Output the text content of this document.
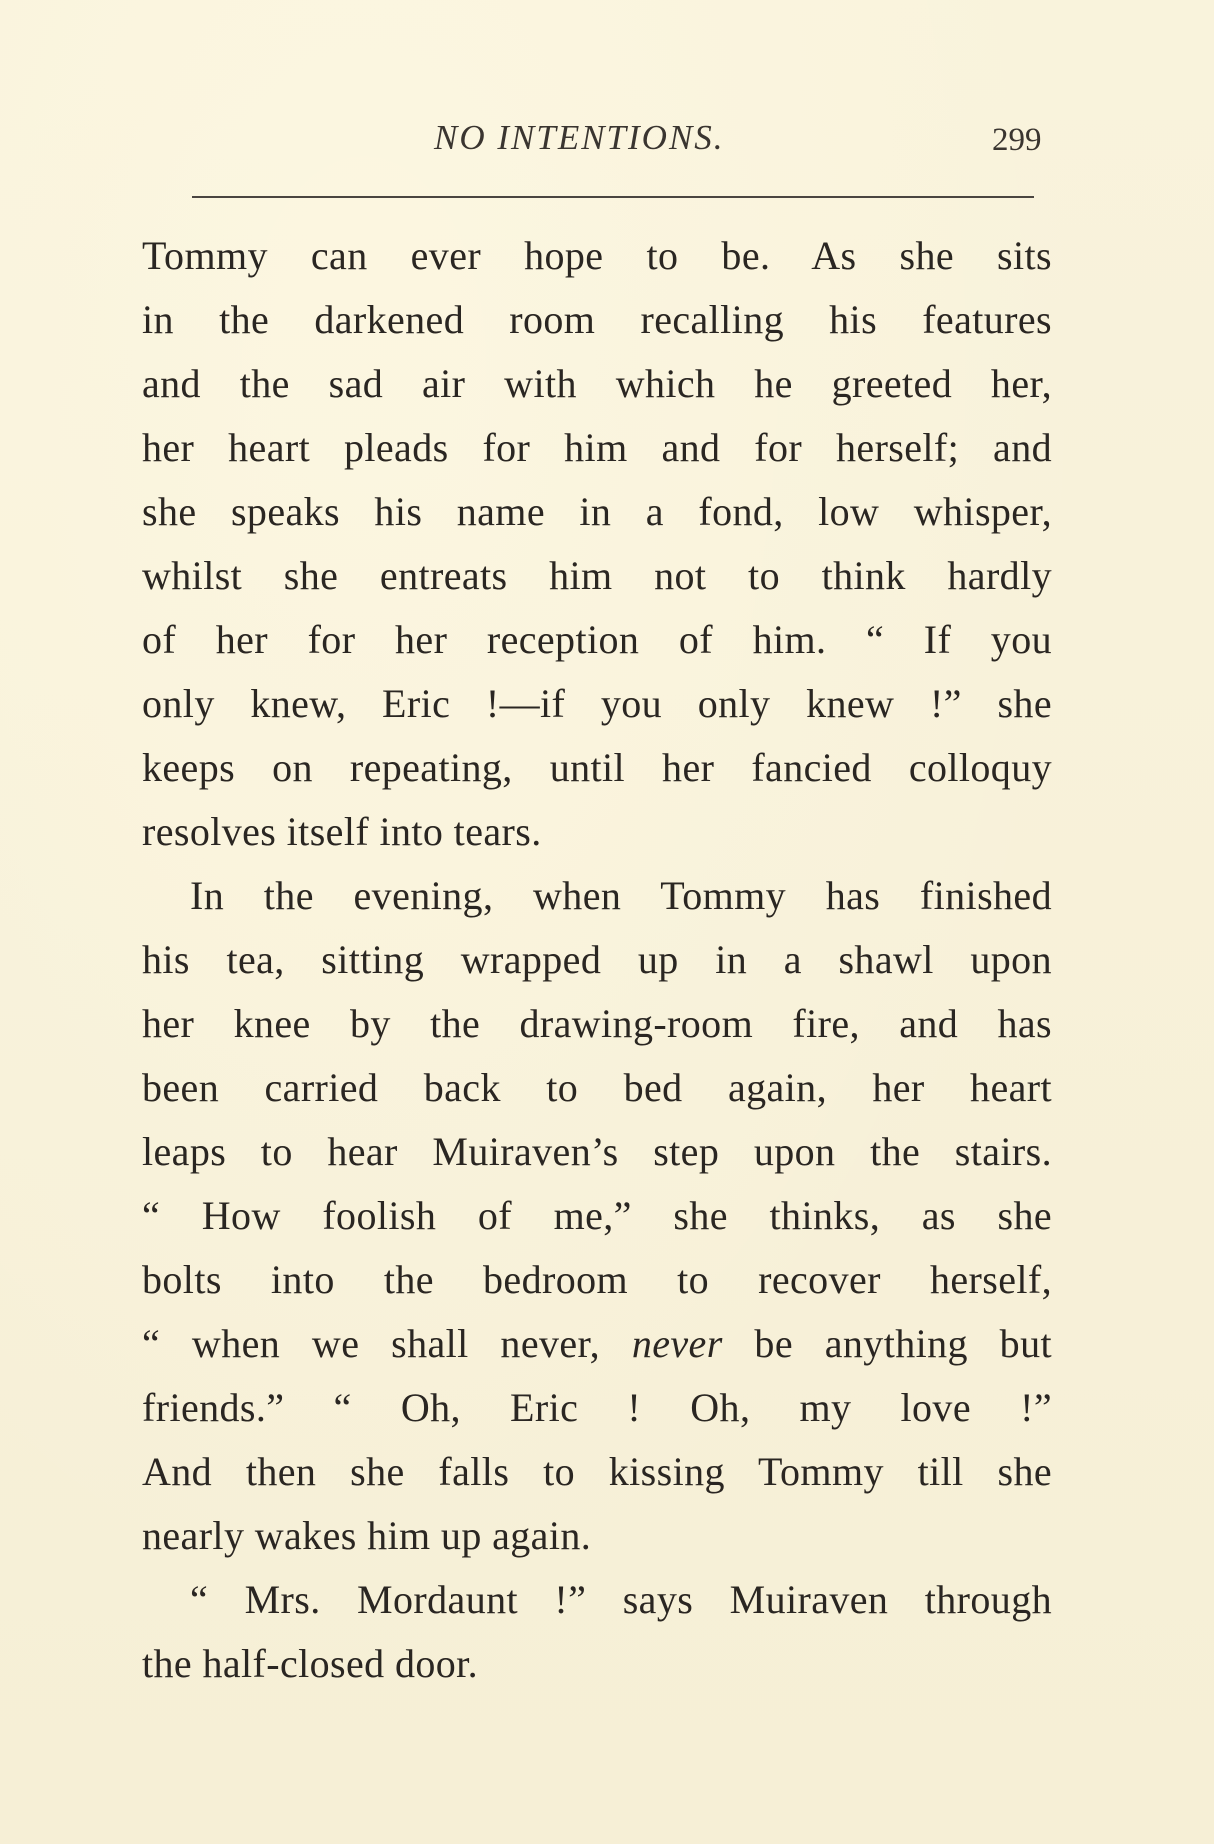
NO INTENTIONS.	299
Tommy can ever hope to be. As she sits
in the darkened room recalling his features
and the sad air with which he greeted her,
her heart pleads for him and for herself; and
she speaks his name in a fond, low whisper,
whilst she entreats him not to think hardly
of her for her reception of him. “ If you
only knew, Eric !—if you only knew !” she
keeps on repeating, until her fancied colloquy
resolves itself into tears.
In the evening, when Tommy has finished
his tea, sitting wrapped up in a shawl upon
her knee by the drawing-room fire, and has
been carried back to bed again, her heart
leaps to hear Muiraven’s step upon the stairs.
“ How foolish of me,” she thinks, as she
bolts into the bedroom to recover herself,
“ when we shall never, never be anything but
friends.” “ Oh, Eric ! Oh, my love !”
And then she falls to kissing Tommy till she
nearly wakes him up again.
“ Mrs. Mordaunt !” says Muiraven through
the half-closed door.
